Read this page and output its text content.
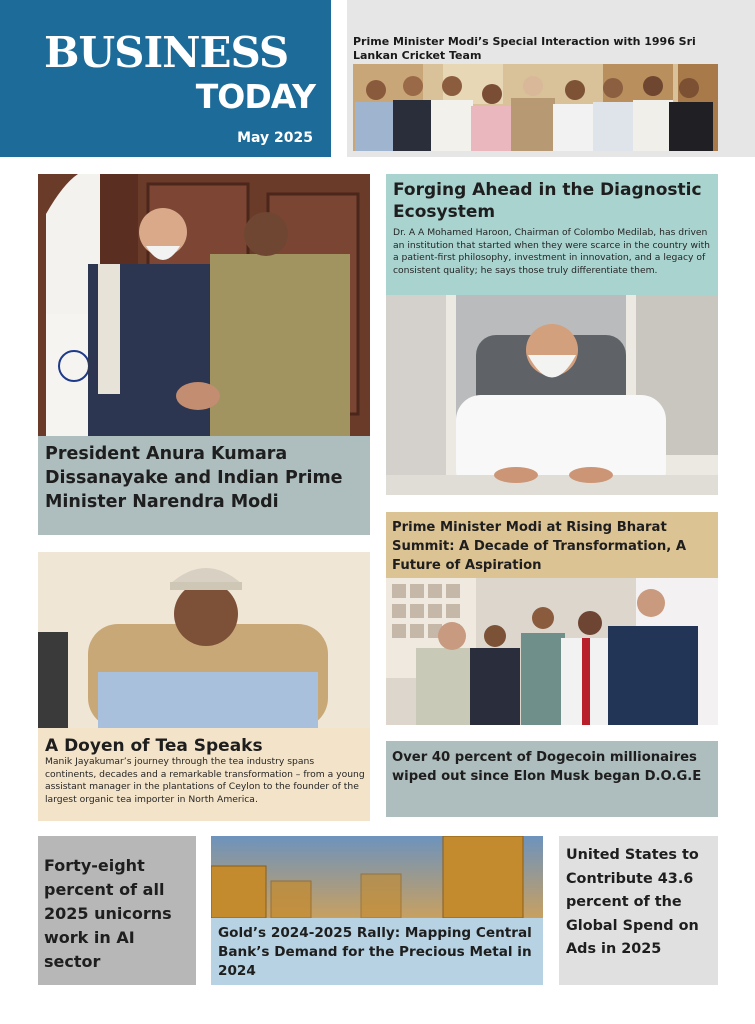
BUSINESS
TODAY
May 2025
Prime Minister Modi’s Special Interaction with 1996 Sri Lankan Cricket Team
President Anura Kumara Dissanayake and Indian Prime Minister Narendra Modi
Forging Ahead in the Diagnostic Ecosystem
Dr. A A Mohamed Haroon, Chairman of Colombo Medilab, has driven an institution that started when they were scarce in the country with a patient-first philosophy, investment in innovation, and a legacy of consistent quality; he says those truly differentiate them.
A Doyen of Tea Speaks
Manik Jayakumar’s journey through the tea industry spans continents, decades and a remarkable transformation – from a young assistant manager in the plantations of Ceylon to the founder of the largest organic tea importer in North America.
Prime Minister Modi at Rising Bharat Summit: A Decade of Transformation, A Future of Aspiration
Over 40 percent of Dogecoin millionaires wiped out since Elon Musk began D.O.G.E
Forty-eight percent of all 2025 unicorns work in AI sector
Gold’s 2024-2025 Rally: Mapping Central Bank’s Demand for the Precious Metal in 2024
United States to Contribute 43.6 percent of the Global Spend on Ads in 2025
